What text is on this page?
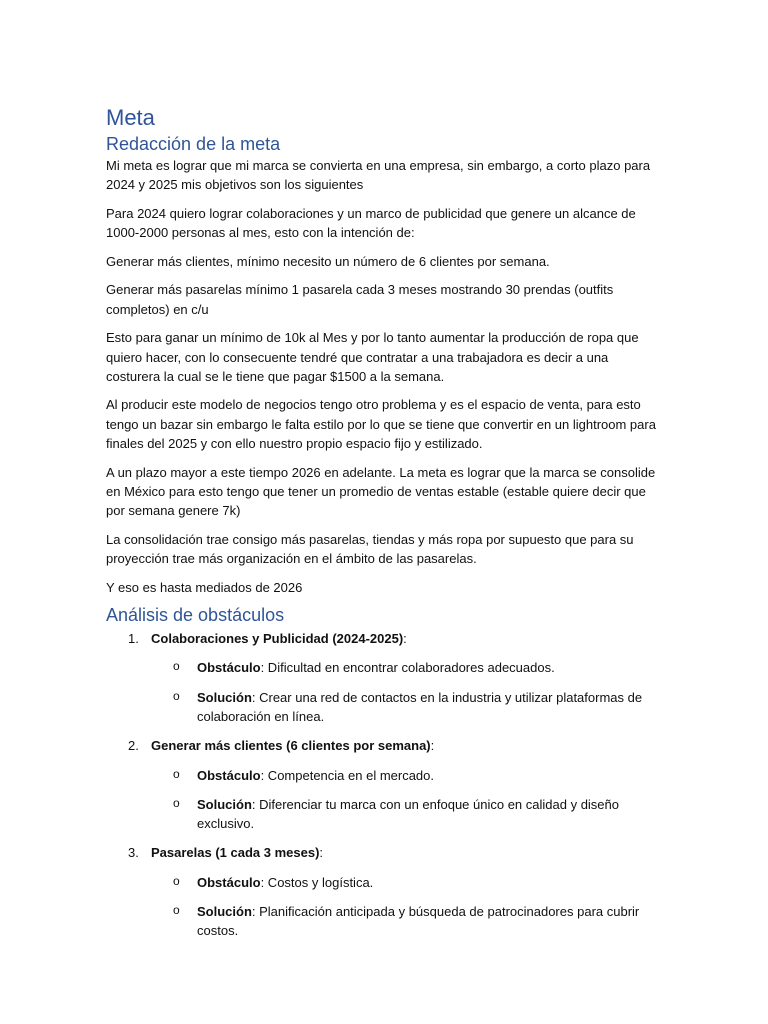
Meta
Redacción de la meta

Mi meta es lograr que mi marca se convierta en una empresa, sin embargo, a corto plazo para 2024 y 2025 mis objetivos son los siguientes

Para 2024 quiero lograr colaboraciones y un marco de publicidad que genere un alcance de 1000-2000 personas al mes, esto con la intención de:

Generar más clientes, mínimo necesito un número de 6 clientes por semana.

Generar más pasarelas mínimo 1 pasarela cada 3 meses mostrando 30 prendas (outfits completos) en c/u

Esto para ganar un mínimo de 10k al Mes y por lo tanto aumentar la producción de ropa que quiero hacer, con lo consecuente tendré que contratar a una trabajadora es decir a una costurera la cual se le tiene que pagar $1500 a la semana.

Al producir este modelo de negocios tengo otro problema y es el espacio de venta, para esto tengo un bazar sin embargo le falta estilo por lo que se tiene que convertir en un lightroom para finales del 2025 y con ello nuestro propio espacio fijo y estilizado.

A un plazo mayor a este tiempo 2026 en adelante. La meta es lograr que la marca se consolide en México para esto tengo que tener un promedio de ventas estable (estable quiere decir que por semana genere 7k)

La consolidación trae consigo más pasarelas, tiendas y más ropa por supuesto que para su proyección trae más organización en el ámbito de las pasarelas.

Y eso es hasta mediados de 2026

Análisis de obstáculos
1. Colaboraciones y Publicidad (2024-2025):
o Obstáculo: Dificultad en encontrar colaboradores adecuados.
o Solución: Crear una red de contactos en la industria y utilizar plataformas de colaboración en línea.
2. Generar más clientes (6 clientes por semana):
o Obstáculo: Competencia en el mercado.
o Solución: Diferenciar tu marca con un enfoque único en calidad y diseño exclusivo.
3. Pasarelas (1 cada 3 meses):
o Obstáculo: Costos y logística.
o Solución: Planificación anticipada y búsqueda de patrocinadores para cubrir costos.
